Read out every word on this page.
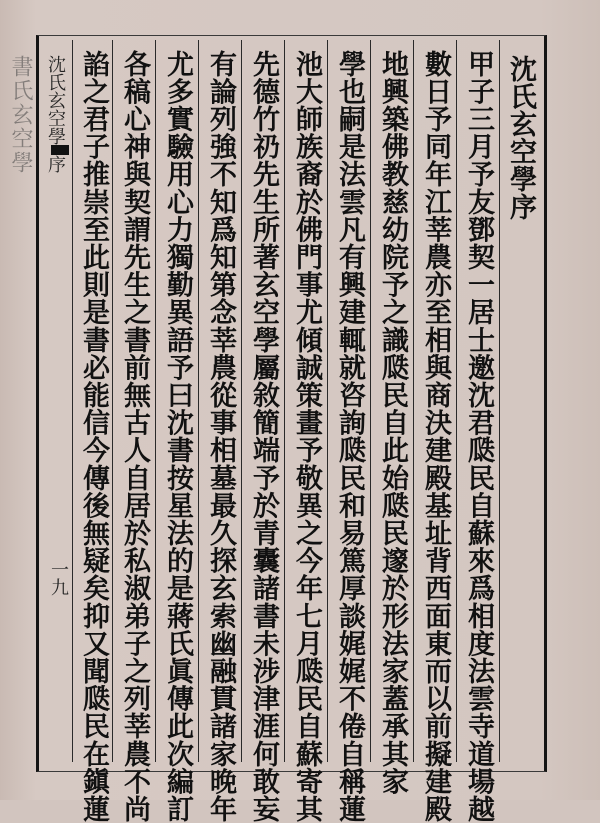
書氏玄空學 沈氏玄空學序
一九
沈氏玄空學序
甲子三月予友鄧契一居士邀沈君瓞民自蘇來爲相度法雲寺道場越
數日予同年江莘農亦至相與商決建殿基址背西面東而以前擬建殿
地興築佛教慈幼院予之識瓞民自此始瓞民邃於形法家蓋承其家
學也嗣是法雲凡有興建輒就咨詢瓞民和易篤厚談娓娓不倦自稱蓮
池大師族裔於佛門事尤傾誠策畫予敬異之今年七月瓞民自蘇寄其
先德竹礽先生所著玄空學屬敘簡端予於青囊諸書未涉津涯何敢妄
有論列強不知爲知第念莘農從事相墓最久探玄索幽融貫諸家晚年
尤多實驗用心力獨勤異語予曰沈書按星法的是蔣氏眞傳此次編訂
各稿心神與契謂先生之書前無古人自居於私淑弟子之列莘農不尚
諂之君子推崇至此則是書必能信今傳後無疑矣抑又聞瓞民在鎭蓮
